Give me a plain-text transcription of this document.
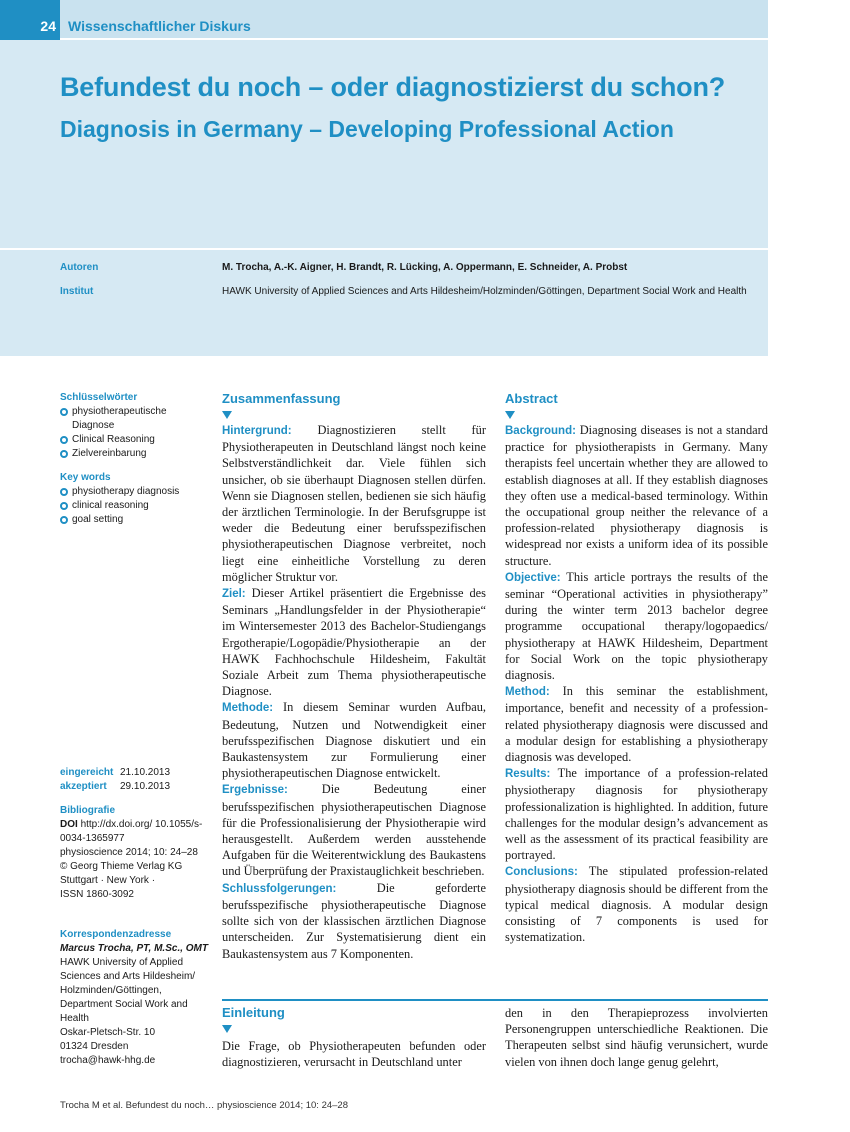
24 Wissenschaftlicher Diskurs
Befundest du noch – oder diagnostizierst du schon?
Diagnosis in Germany – Developing Professional Action
Autoren	M. Trocha, A.-K. Aigner, H. Brandt, R. Lücking, A. Oppermann, E. Schneider, A. Probst
Institut	HAWK University of Applied Sciences and Arts Hildesheim/Holzminden/Göttingen, Department Social Work and Health
Schlüsselwörter
physiotherapeutische Diagnose
Clinical Reasoning
Zielvereinbarung
Key words
physiotherapy diagnosis
clinical reasoning
goal setting
eingereicht 21.10.2013
akzeptiert 29.10.2013
Bibliografie
DOI http://dx.doi.org/ 10.1055/s-0034-1365977
physioscience 2014; 10: 24–28
© Georg Thieme Verlag KG
Stuttgart · New York ·
ISSN 1860-3092
Korrespondenzadresse
Marcus Trocha, PT, M.Sc., OMT
HAWK University of Applied Sciences and Arts Hildesheim/ Holzminden/Göttingen, Department Social Work and Health
Oskar-Pletsch-Str. 10
01324 Dresden
trocha@hawk-hhg.de
Zusammenfassung
Hintergrund: Diagnostizieren stellt für Physiotherapeuten in Deutschland längst noch keine Selbstverständlichkeit dar. Viele fühlen sich unsicher, ob sie überhaupt Diagnosen stellen dürfen. Wenn sie Diagnosen stellen, bedienen sie sich häufig der ärztlichen Terminologie. In der Berufsgruppe ist weder die Bedeutung einer berufsspezifischen physiotherapeutischen Diagnose verbreitet, noch liegt eine einheitliche Vorstellung zu deren möglicher Struktur vor.
Ziel: Dieser Artikel präsentiert die Ergebnisse des Seminars „Handlungsfelder in der Physiotherapie“ im Wintersemester 2013 des Bachelor-Studiengangs Ergotherapie/Logopädie/Physiotherapie an der HAWK Fachhochschule Hildesheim, Fakultät Soziale Arbeit zum Thema physiotherapeutische Diagnose.
Methode: In diesem Seminar wurden Aufbau, Bedeutung, Nutzen und Notwendigkeit einer berufsspezifischen Diagnose diskutiert und ein Baukastensystem zur Formulierung einer physiotherapeutischen Diagnose entwickelt.
Ergebnisse:	Die Bedeutung einer berufsspezifischen physiotherapeutischen Diagnose für die Professionalisierung der Physiotherapie wird herausgestellt. Außerdem werden ausstehende Aufgaben für die Weiterentwicklung des Baukastens und Überprüfung der Praxistauglichkeit beschrieben.
Schlussfolgerungen:	Die geforderte berufsspezifische physiotherapeutische Diagnose sollte sich von der klassischen ärztlichen Diagnose unterscheiden. Zur Systematisierung dient ein Baukastensystem aus 7 Komponenten.
Abstract
Background: Diagnosing diseases is not a standard practice for physiotherapists in Germany. Many therapists feel uncertain whether they are allowed to establish diagnoses at all. If they establish diagnoses they often use a medical-based terminology. Within the occupational group neither the relevance of a profession-related physiotherapy diagnosis is widespread nor exists a uniform idea of its possible structure.
Objective: This article portrays the results of the seminar “Operational activities in physiotherapy” during the winter term 2013 bachelor degree programme occupational therapy/logopaedics/ physiotherapy at HAWK Hildesheim, Department for Social Work on the topic physiotherapy diagnosis.
Method: In this seminar the establishment, importance, benefit and necessity of a profession-related physiotherapy diagnosis were discussed and a modular design for establishing a physiotherapy diagnosis was developed.
Results: The importance of a profession-related physiotherapy diagnosis for physiotherapy professionalization is highlighted. In addition, future challenges for the modular design’s advancement as well as the assessment of its practical feasibility are portrayed.
Conclusions: The stipulated profession-related physiotherapy diagnosis should be different from the typical medical diagnosis. A modular design consisting of 7 components is used for systematization.
Einleitung
Die Frage, ob Physiotherapeuten befunden oder diagnostizieren, verursacht in Deutschland unter
den in den Therapieprozess involvierten Personengruppen unterschiedliche Reaktionen. Die Therapeuten selbst sind häufig verunsichert, wurde vielen von ihnen doch lange genug gelehrt,
Trocha M et al. Befundest du noch… physioscience 2014; 10: 24–28
